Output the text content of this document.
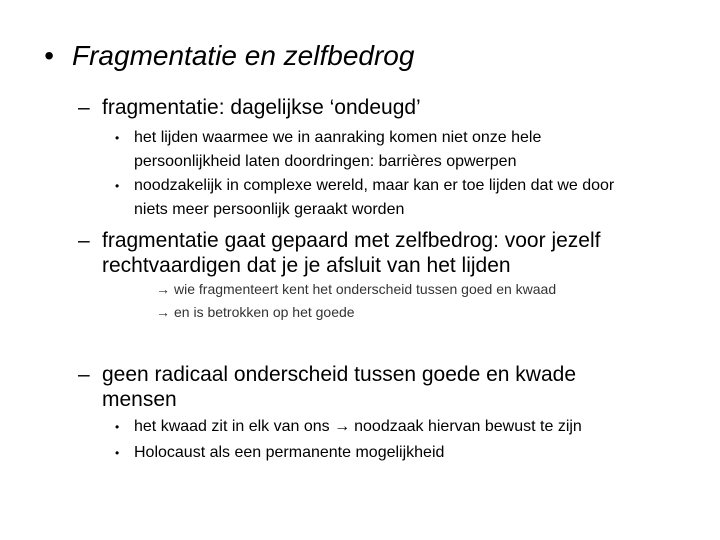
• Fragmentatie en zelfbedrog
– fragmentatie: dagelijkse ‘ondeugd’
• het lijden waarmee we in aanraking komen niet onze hele
persoonlijkheid laten doordringen: barrières opwerpen
• noodzakelijk in complexe wereld, maar kan er toe lijden dat we door
niets meer persoonlijk geraakt worden
– fragmentatie gaat gepaard met zelfbedrog: voor jezelf
rechtvaardigen dat je je afsluit van het lijden
→ wie fragmenteert kent het onderscheid tussen goed en kwaad
→ en is betrokken op het goede
– geen radicaal onderscheid tussen goede en kwade
mensen
• het kwaad zit in elk van ons → noodzaak hiervan bewust te zijn
• Holocaust als een permanente mogelijkheid
